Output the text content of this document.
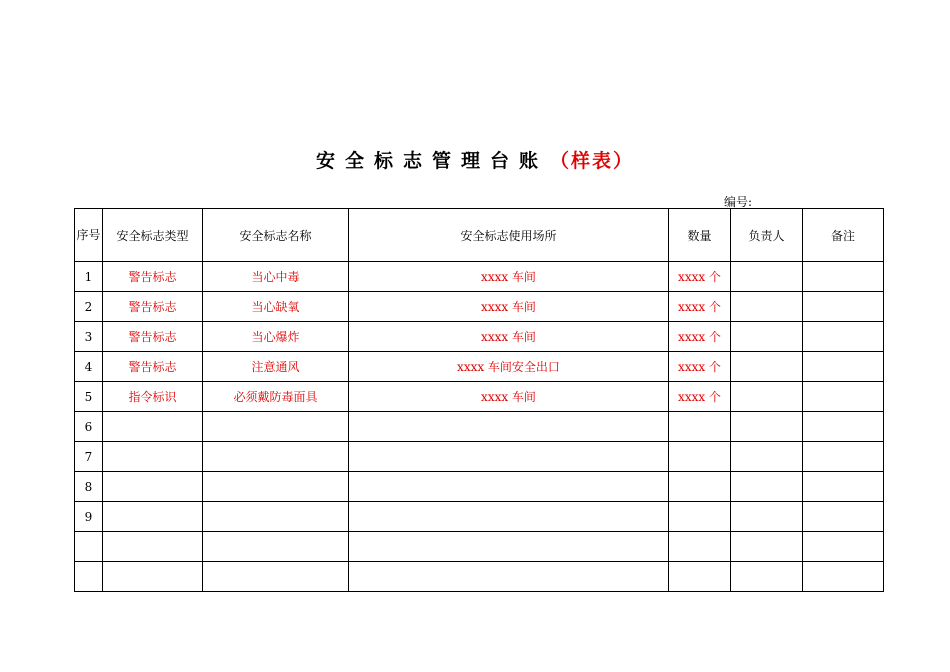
安全标志管理台账 （样表）
编号:
序号	安全标志类型	安全标志名称	安全标志使用场所	数量	负责人	备注
1	警告标志	当心中毒	xxxx 车间	xxxx 个		
2	警告标志	当心缺氧	xxxx 车间	xxxx 个		
3	警告标志	当心爆炸	xxxx 车间	xxxx 个		
4	警告标志	注意通风	xxxx 车间安全出口	xxxx 个		
5	指令标识	必须戴防毒面具	xxxx 车间	xxxx 个		
6						
7						
8						
9						
